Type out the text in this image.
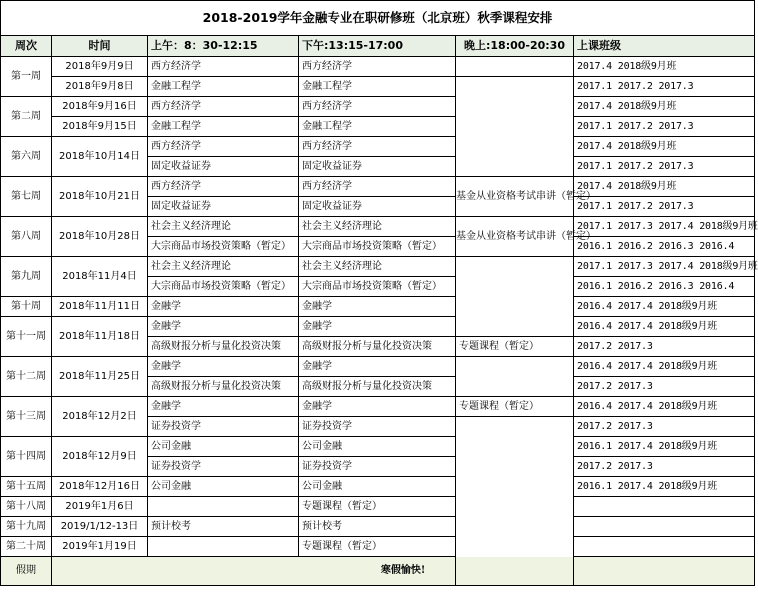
2018-2019学年金融专业在职研修班（北京班）秋季课程安排					
周次	时间	上午：8：30-12:15	下午:13:15-17:00	晚上:18:00-20:30	上课班级
第一周	2018年9月9日	西方经济学	西方经济学		2017.4 2018级9月班
	2018年9月8日	金融工程学	金融工程学		2017.1 2017.2 2017.3
第二周	2018年9月16日	西方经济学	西方经济学		2017.4 2018级9月班
	2018年9月15日	金融工程学	金融工程学		2017.1 2017.2 2017.3
第六周	2018年10月14日	西方经济学	西方经济学		2017.4 2018级9月班
		固定收益证券	固定收益证券		2017.1 2017.2 2017.3
第七周	2018年10月21日	西方经济学	西方经济学	基金从业资格考试串讲（暂定）	2017.4 2018级9月班
		固定收益证券	固定收益证券		2017.1 2017.2 2017.3
第八周	2018年10月28日	社会主义经济理论	社会主义经济理论	基金从业资格考试串讲（暂定）	2017.1 2017.3 2017.4 2018级9月班
		大宗商品市场投资策略（暂定）	大宗商品市场投资策略（暂定）		2016.1 2016.2 2016.3 2016.4
第九周	2018年11月4日	社会主义经济理论	社会主义经济理论		2017.1 2017.3 2017.4 2018级9月班
		大宗商品市场投资策略（暂定）	大宗商品市场投资策略（暂定）		2016.1 2016.2 2016.3 2016.4
第十周	2018年11月11日	金融学	金融学		2016.4 2017.4 2018级9月班
第十一周	2018年11月18日	金融学	金融学		2016.4 2017.4 2018级9月班
		高级财报分析与量化投资决策	高级财报分析与量化投资决策	专题课程（暂定）	2017.2 2017.3
第十二周	2018年11月25日	金融学	金融学		2016.4 2017.4 2018级9月班
		高级财报分析与量化投资决策	高级财报分析与量化投资决策		2017.2 2017.3
第十三周	2018年12月2日	金融学	金融学	专题课程（暂定）	2016.4 2017.4 2018级9月班
		证券投资学	证券投资学		2017.2 2017.3
第十四周	2018年12月9日	公司金融	公司金融		2016.1 2017.4 2018级9月班
		证券投资学	证券投资学		2017.2 2017.3
第十五周	2018年12月16日	公司金融	公司金融		2016.1 2017.4 2018级9月班
第十八周	2019年1月6日		专题课程（暂定）		
第十九周	2019/1/12-13日	预计校考	预计校考		
第二十周	2019年1月19日		专题课程（暂定）		
假期	寒假愉快!				
